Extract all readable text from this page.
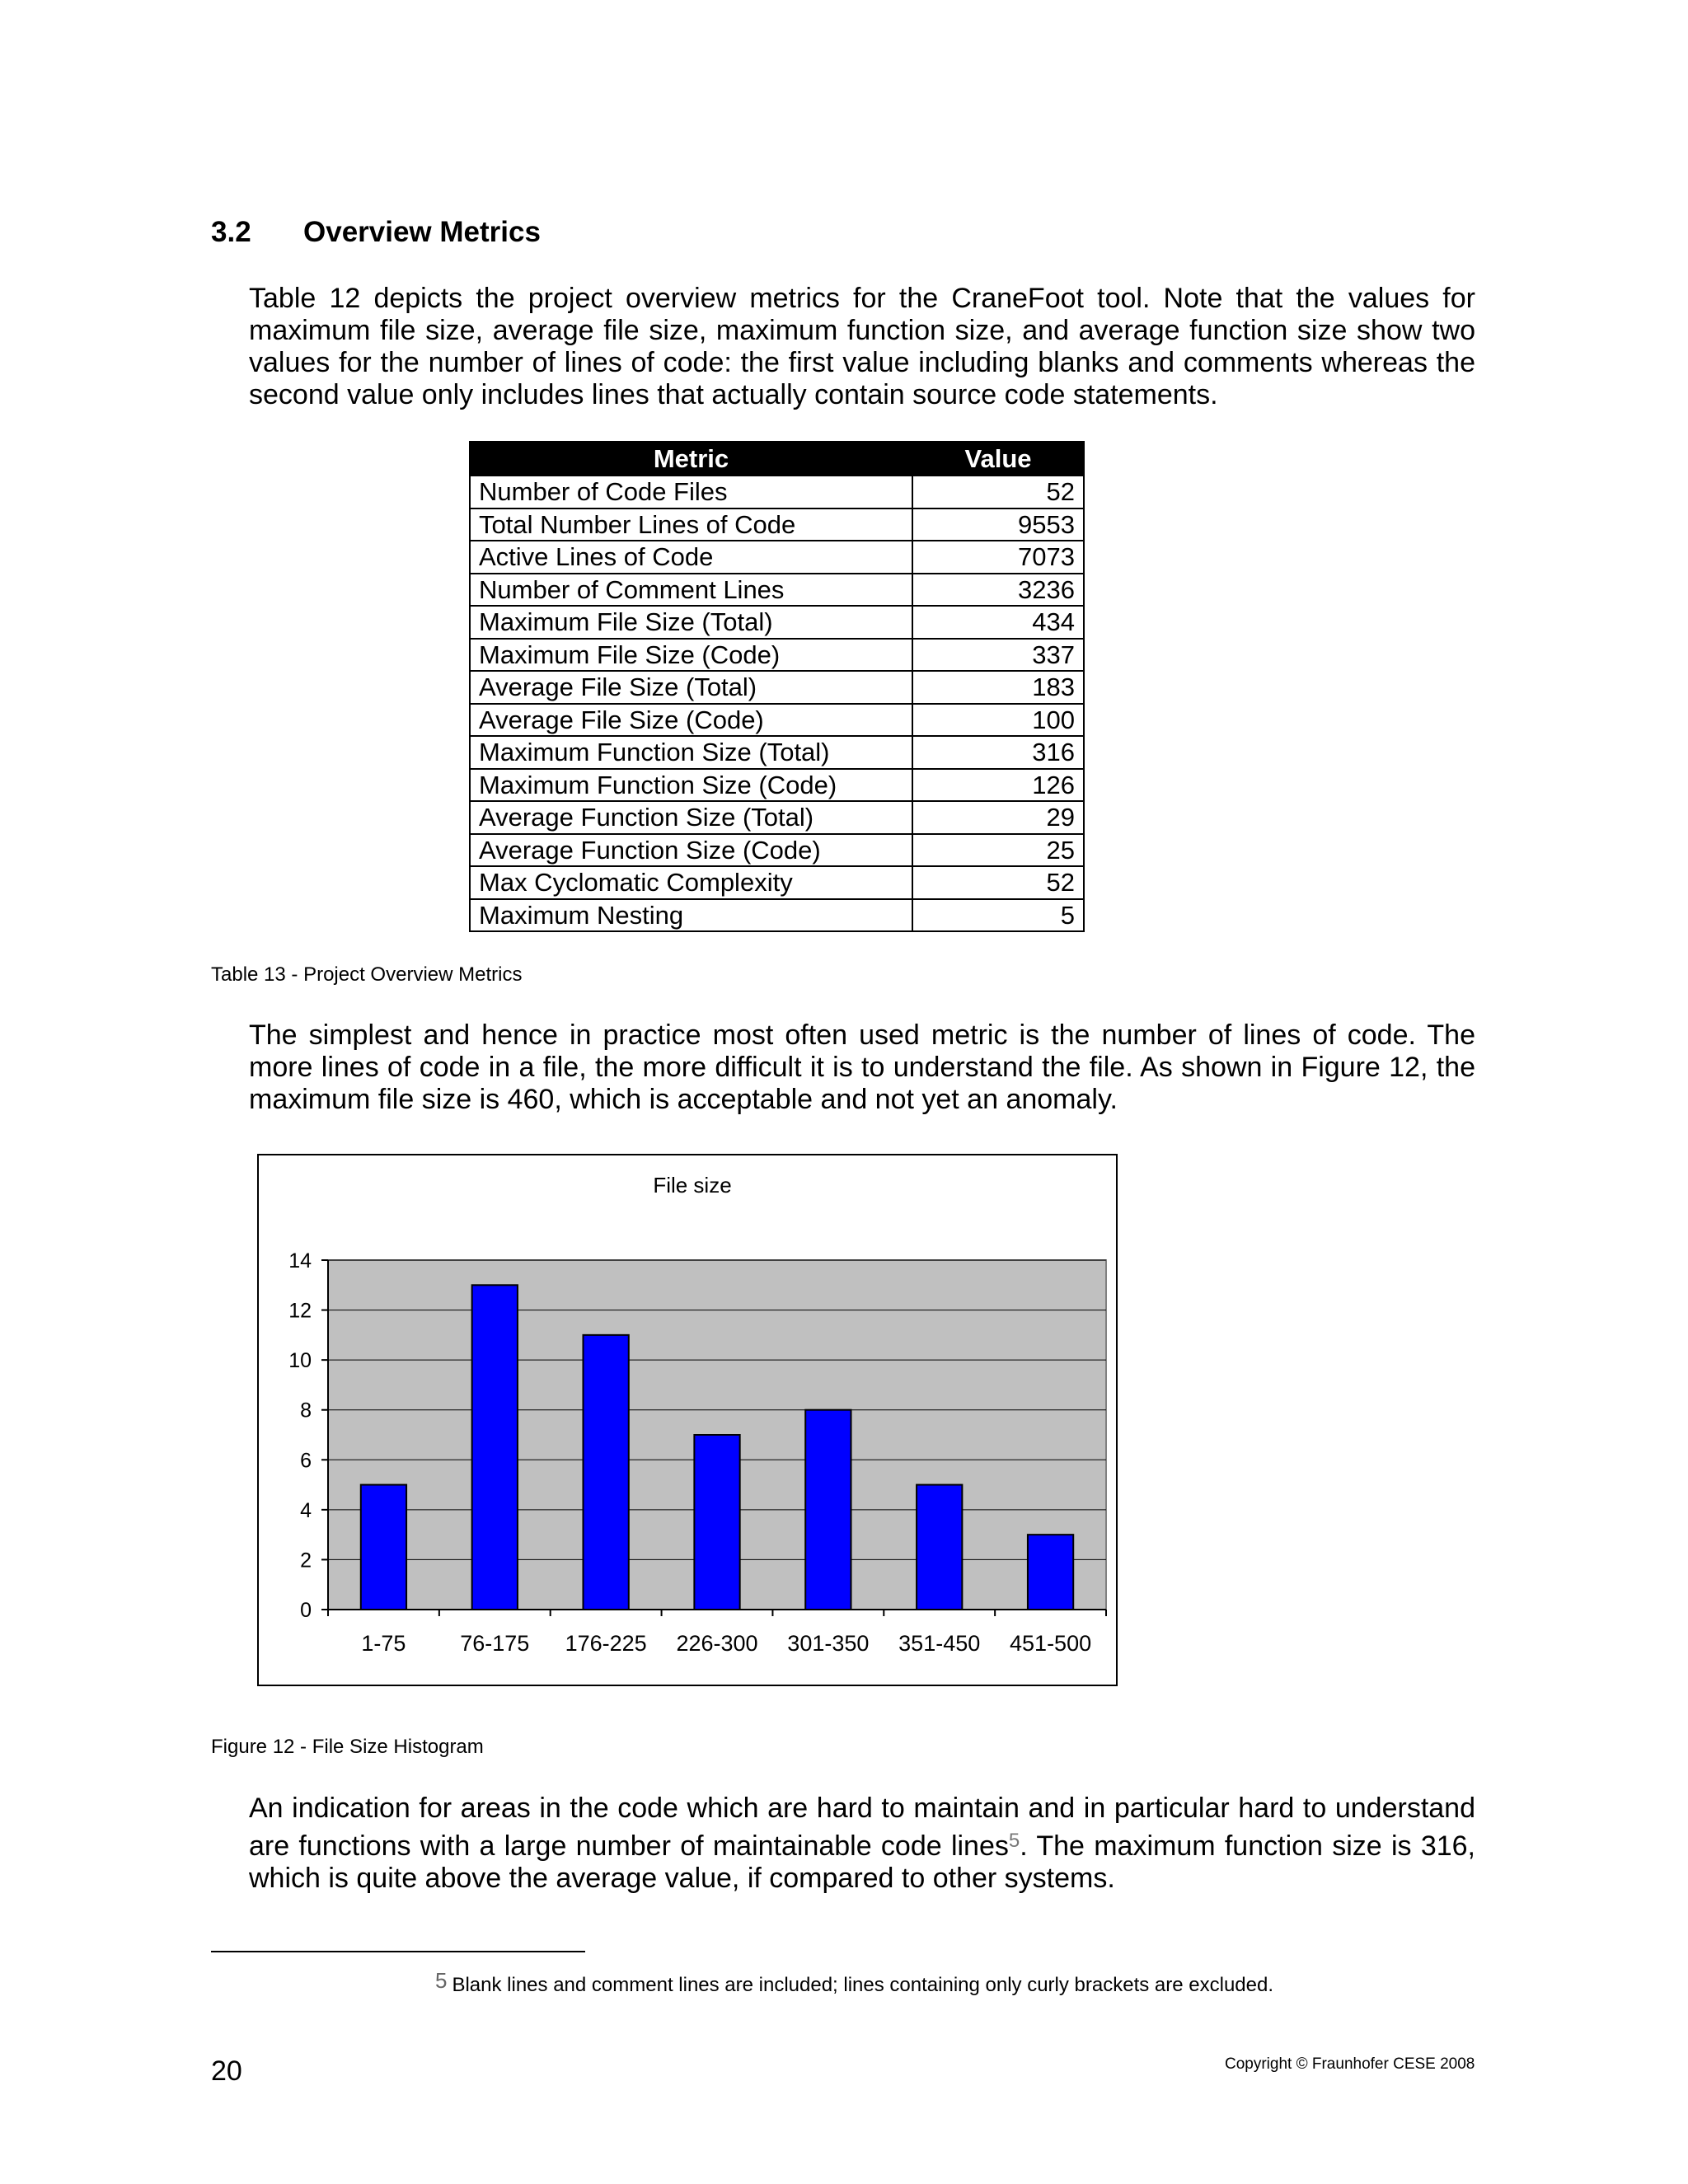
3.2	Overview Metrics
Table 12 depicts the project overview metrics for the CraneFoot tool. Note that the values for maximum file size, average file size, maximum function size, and average function size show two values for the number of lines of code: the first value including blanks and comments whereas the second value only includes lines that actually contain source code statements.
Metric	Value
Number of Code Files	52
Total Number Lines of Code	9553
Active Lines of Code	7073
Number of Comment Lines	3236
Maximum File Size (Total)	434
Maximum File Size (Code)	337
Average File Size (Total)	183
Average File Size (Code)	100
Maximum Function Size (Total)	316
Maximum Function Size (Code)	126
Average Function Size (Total)	29
Average Function Size (Code)	25
Max Cyclomatic Complexity	52
Maximum Nesting	5
Table 13 - Project Overview Metrics
The simplest and hence in practice most often used metric is the number of lines of code. The more lines of code in a file, the more difficult it is to understand the file. As shown in Figure 12, the maximum file size is 460, which is acceptable and not yet an anomaly.
File size
0
2
4
6
8
10
12
14
1-75 76-175 176-225 226-300 301-350 351-450 451-500
Figure 12 - File Size Histogram
An indication for areas in the code which are hard to maintain and in particular hard to understand are functions with a large number of maintainable code lines$^5$. The maximum function size is 316, which is quite above the average value, if compared to other systems.
$^5$ Blank lines and comment lines are included; lines containing only curly brackets are excluded.
20	Copyright © Fraunhofer CESE 2008
